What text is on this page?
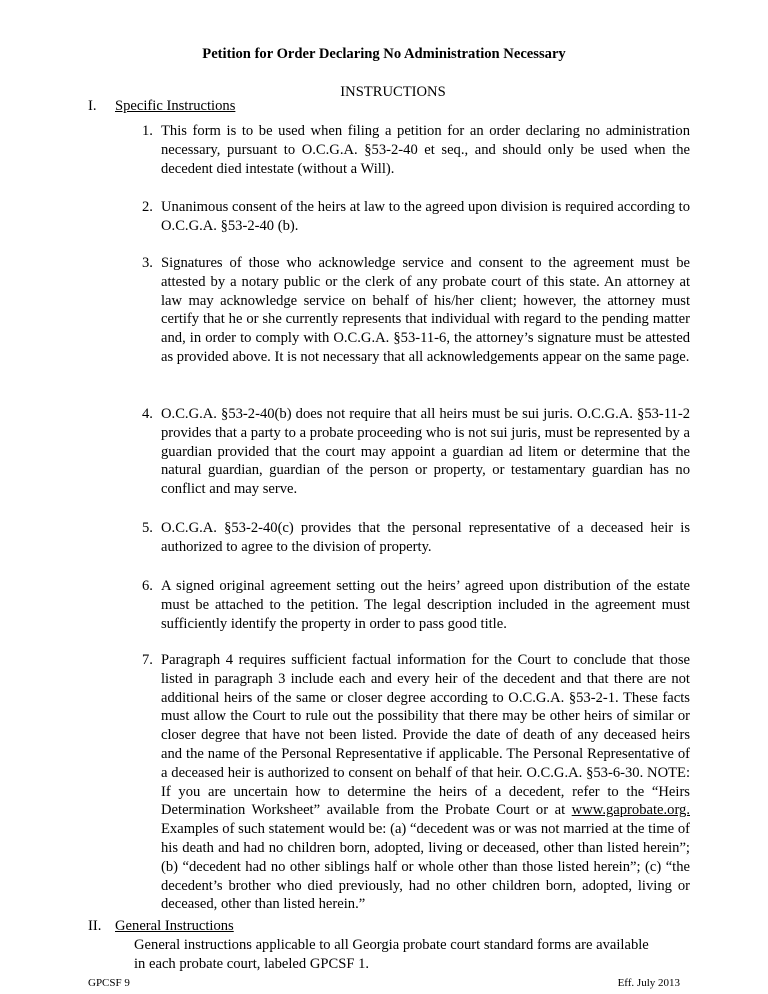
Petition for Order Declaring No Administration Necessary
INSTRUCTIONS
I. Specific Instructions
1. This form is to be used when filing a petition for an order declaring no administration necessary, pursuant to O.C.G.A. §53-2-40 et seq., and should only be used when the decedent died intestate (without a Will).
2. Unanimous consent of the heirs at law to the agreed upon division is required according to O.C.G.A. §53-2-40 (b).
3. Signatures of those who acknowledge service and consent to the agreement must be attested by a notary public or the clerk of any probate court of this state. An attorney at law may acknowledge service on behalf of his/her client; however, the attorney must certify that he or she currently represents that individual with regard to the pending matter and, in order to comply with O.C.G.A. §53-11-6, the attorney’s signature must be attested as provided above. It is not necessary that all acknowledgements appear on the same page.
4. O.C.G.A. §53-2-40(b) does not require that all heirs must be sui juris. O.C.G.A. §53-11-2 provides that a party to a probate proceeding who is not sui juris, must be represented by a guardian provided that the court may appoint a guardian ad litem or determine that the natural guardian, guardian of the person or property, or testamentary guardian has no conflict and may serve.
5. O.C.G.A. §53-2-40(c) provides that the personal representative of a deceased heir is authorized to agree to the division of property.
6. A signed original agreement setting out the heirs’ agreed upon distribution of the estate must be attached to the petition. The legal description included in the agreement must sufficiently identify the property in order to pass good title.
7. Paragraph 4 requires sufficient factual information for the Court to conclude that those listed in paragraph 3 include each and every heir of the decedent and that there are not additional heirs of the same or closer degree according to O.C.G.A. §53-2-1. These facts must allow the Court to rule out the possibility that there may be other heirs of similar or closer degree that have not been listed. Provide the date of death of any deceased heirs and the name of the Personal Representative if applicable. The Personal Representative of a deceased heir is authorized to consent on behalf of that heir. O.C.G.A. §53-6-30. NOTE: If you are uncertain how to determine the heirs of a decedent, refer to the “Heirs Determination Worksheet” available from the Probate Court or at www.gaprobate.org. Examples of such statement would be: (a) “decedent was or was not married at the time of his death and had no children born, adopted, living or deceased, other than listed herein”; (b) “decedent had no other siblings half or whole other than those listed herein”; (c) “the decedent’s brother who died previously, had no other children born, adopted, living or deceased, other than listed herein.”
II. General Instructions
General instructions applicable to all Georgia probate court standard forms are available in each probate court, labeled GPCSF 1.
GPCSF 9	Eff. July 2013
